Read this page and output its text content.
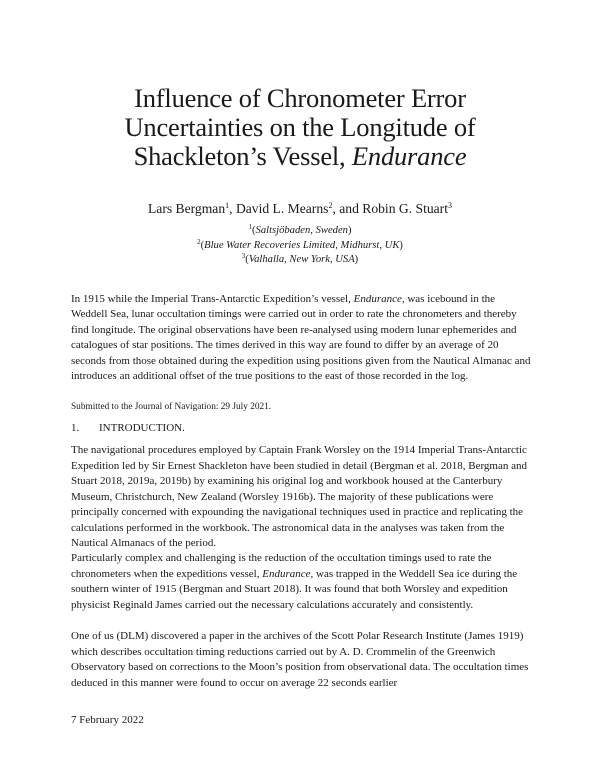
Influence of Chronometer Error
Uncertainties on the Longitude of
Shackleton’s Vessel, Endurance
Lars Bergman$^1$, David L. Mearns$^2$, and Robin G. Stuart$^3$
$^1$(Saltsjöbaden, Sweden)
$^2$(Blue Water Recoveries Limited, Midhurst, UK)
$^3$(Valhalla, New York, USA)

In 1915 while the Imperial Trans-Antarctic Expedition’s vessel, Endurance, was icebound in the Weddell Sea, lunar occultation timings were carried out in order to rate the chronometers and thereby find longitude. The original observations have been re-analysed using modern lunar ephemerides and catalogues of star positions. The times derived in this way are found to differ by an average of 20 seconds from those obtained during the expedition using positions given from the Nautical Almanac and introduces an additional offset of the true positions to the east of those recorded in the log.

Submitted to the Journal of Navigation: 29 July 2021.
1. INTRODUCTION.

The navigational procedures employed by Captain Frank Worsley on the 1914 Imperial Trans-Antarctic Expedition led by Sir Ernest Shackleton have been studied in detail (Bergman et al. 2018, Bergman and Stuart 2018, 2019a, 2019b) by examining his original log and workbook housed at the Canterbury Museum, Christchurch, New Zealand (Worsley 1916b). The majority of these publications were principally concerned with expounding the navigational techniques used in practice and replicating the calculations performed in the workbook. The astronomical data in the analyses was taken from the Nautical Almanacs of the period.

Particularly complex and challenging is the reduction of the occultation timings used to rate the chronometers when the expeditions vessel, Endurance, was trapped in the Weddell Sea ice during the southern winter of 1915 (Bergman and Stuart 2018). It was found that both Worsley and expedition physicist Reginald James carried out the necessary calculations accurately and consistently.

One of us (DLM) discovered a paper in the archives of the Scott Polar Research Institute (James 1919) which describes occultation timing reductions carried out by A. D. Crommelin of the Greenwich Observatory based on corrections to the Moon’s position from observational data. The occultation times deduced in this manner were found to occur on average 22 seconds earlier

7 February 2022
